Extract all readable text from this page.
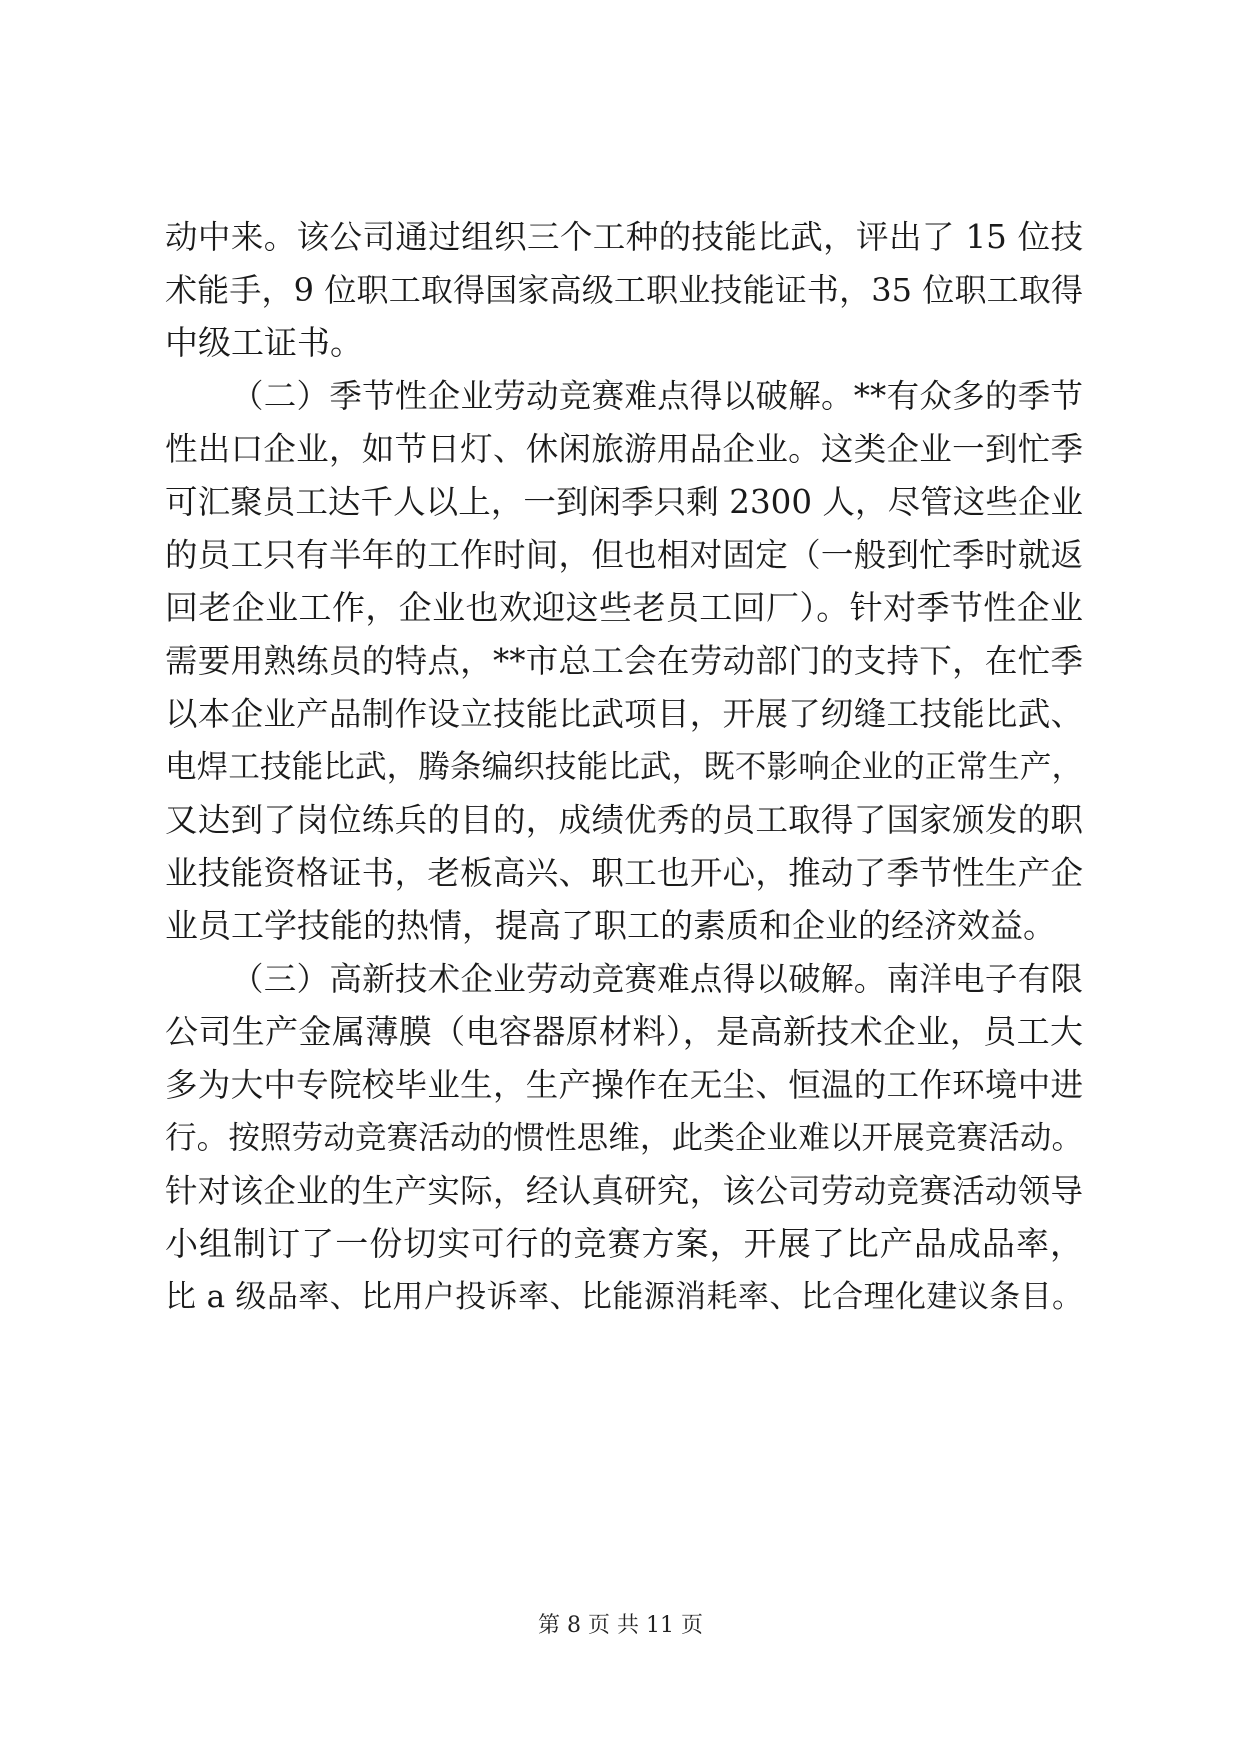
动中来。该公司通过组织三个工种的技能比武，评出了 15 位技
术能手，9 位职工取得国家高级工职业技能证书，35 位职工取得
中级工证书。
（二）季节性企业劳动竞赛难点得以破解。**有众多的季节
性出口企业，如节日灯、休闲旅游用品企业。这类企业一到忙季
可汇聚员工达千人以上，一到闲季只剩 2300 人，尽管这些企业
的员工只有半年的工作时间，但也相对固定（一般到忙季时就返
回老企业工作，企业也欢迎这些老员工回厂）。针对季节性企业
需要用熟练员的特点，**市总工会在劳动部门的支持下，在忙季
以本企业产品制作设立技能比武项目，开展了纫缝工技能比武、
电焊工技能比武，腾条编织技能比武，既不影响企业的正常生产，
又达到了岗位练兵的目的，成绩优秀的员工取得了国家颁发的职
业技能资格证书，老板高兴、职工也开心，推动了季节性生产企
业员工学技能的热情，提高了职工的素质和企业的经济效益。
（三）高新技术企业劳动竞赛难点得以破解。南洋电子有限
公司生产金属薄膜（电容器原材料），是高新技术企业，员工大
多为大中专院校毕业生，生产操作在无尘、恒温的工作环境中进
行。按照劳动竞赛活动的惯性思维，此类企业难以开展竞赛活动。
针对该企业的生产实际，经认真研究，该公司劳动竞赛活动领导
小组制订了一份切实可行的竞赛方案，开展了比产品成品率，
比 a 级品率、比用户投诉率、比能源消耗率、比合理化建议条目。
第 8 页 共 11 页
